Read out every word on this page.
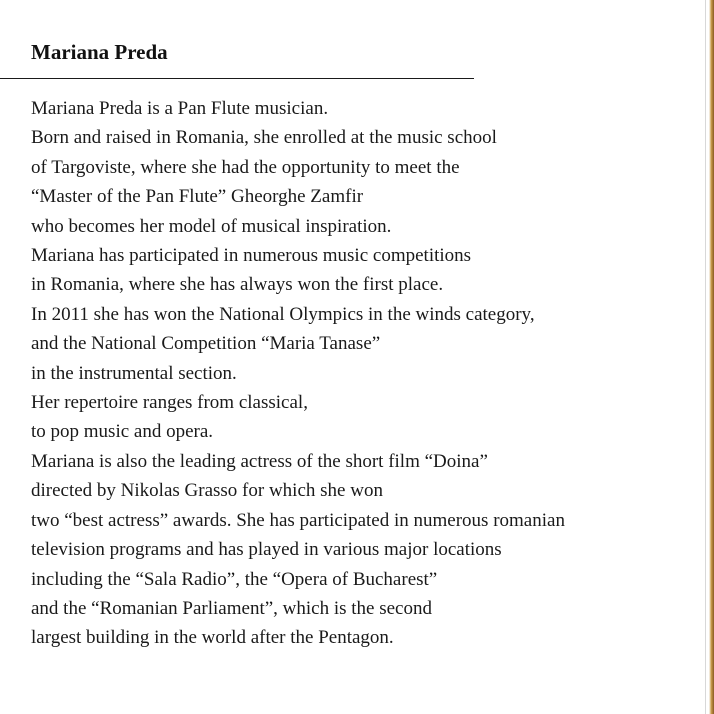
Mariana Preda
Mariana Preda is a Pan Flute musician.
Born and raised in Romania, she enrolled at the music school
of Targoviste, where she had the opportunity to meet the
“Master of the Pan Flute” Gheorghe Zamfir
who becomes her model of musical inspiration.
Mariana has participated in numerous music competitions
in Romania, where she has always won the first place.
In 2011 she has won the National Olympics in the winds category,
and the National Competition “Maria Tanase”
in the instrumental section.
Her repertoire ranges from classical,
to pop music and opera.
Mariana is also the leading actress of the short film “Doina”
directed by Nikolas Grasso for which she won
two “best actress” awards. She has participated in numerous romanian
television programs and has played in various major locations
including the “Sala Radio”, the “Opera of Bucharest”
and the “Romanian Parliament”, which is the second
largest building in the world after the Pentagon.
